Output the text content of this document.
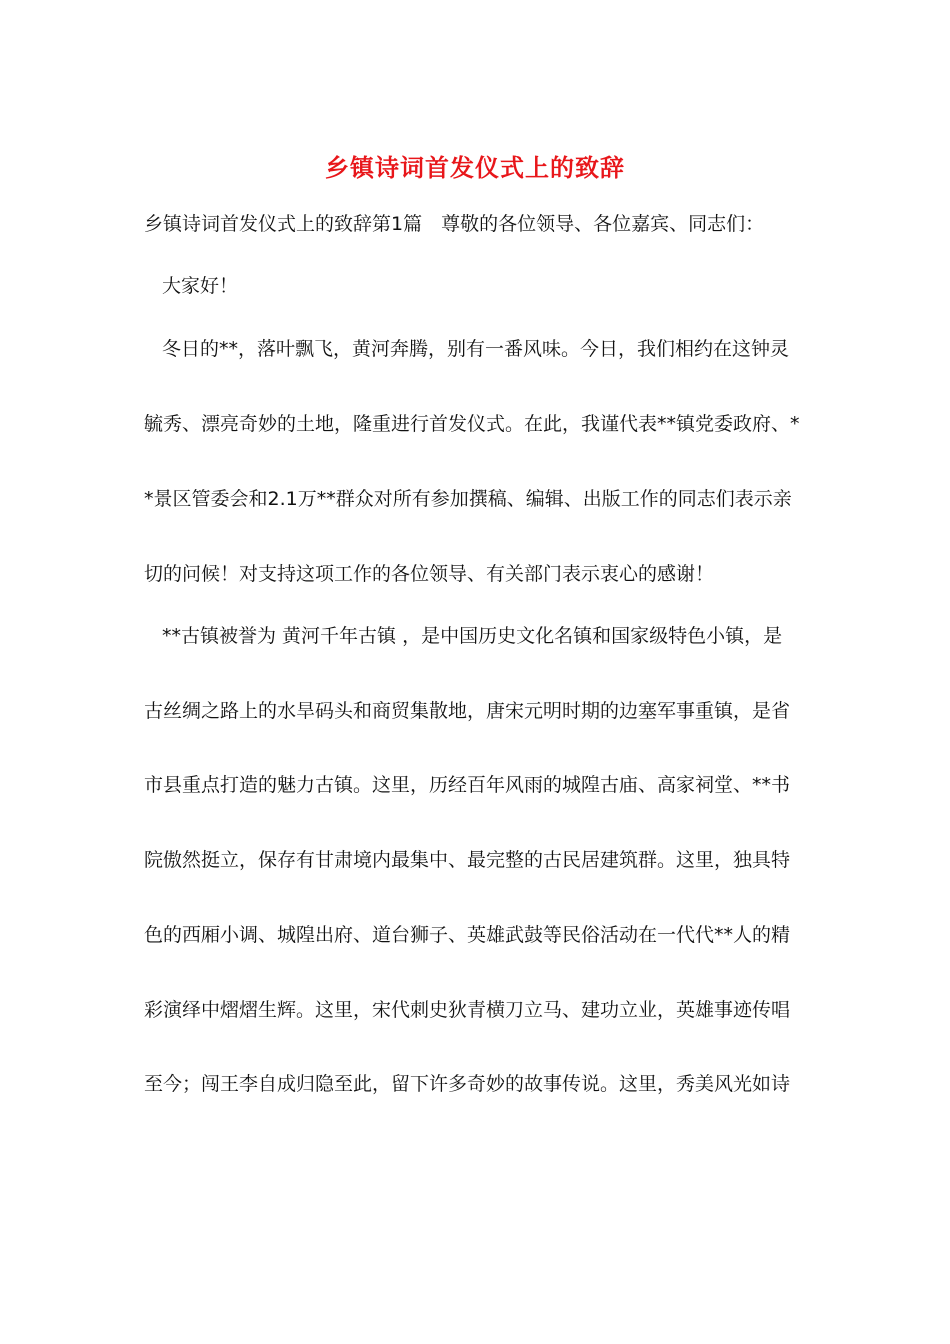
乡镇诗词首发仪式上的致辞
乡镇诗词首发仪式上的致辞第1篇　尊敬的各位领导、各位嘉宾、同志们：
大家好！
冬日的**，落叶飘飞，黄河奔腾，别有一番风味。今日，我们相约在这钟灵
毓秀、漂亮奇妙的土地，隆重进行首发仪式。在此，我谨代表**镇党委政府、*
*景区管委会和2.1万**群众对所有参加撰稿、编辑、出版工作的同志们表示亲
切的问候！对支持这项工作的各位领导、有关部门表示衷心的感谢！
**古镇被誉为 黄河千年古镇 ，是中国历史文化名镇和国家级特色小镇，是
古丝绸之路上的水旱码头和商贸集散地，唐宋元明时期的边塞军事重镇，是省
市县重点打造的魅力古镇。这里，历经百年风雨的城隍古庙、高家祠堂、**书
院傲然挺立，保存有甘肃境内最集中、最完整的古民居建筑群。这里，独具特
色的西厢小调、城隍出府、道台狮子、英雄武鼓等民俗活动在一代代**人的精
彩演绎中熠熠生辉。这里，宋代刺史狄青横刀立马、建功立业，英雄事迹传唱
至今；闯王李自成归隐至此，留下许多奇妙的故事传说。这里，秀美风光如诗
